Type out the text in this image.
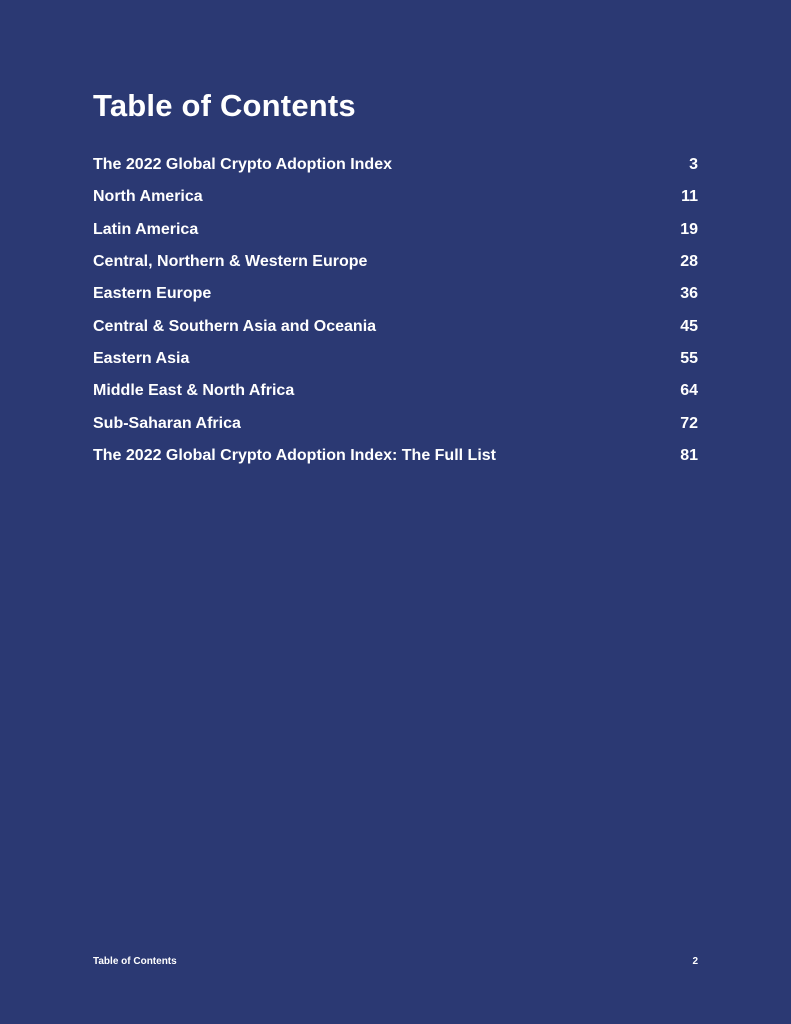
Table of Contents
The 2022 Global Crypto Adoption Index	3
North America	11
Latin America	19
Central, Northern & Western Europe	28
Eastern Europe	36
Central & Southern Asia and Oceania	45
Eastern Asia	55
Middle East & North Africa	64
Sub-Saharan Africa	72
The 2022 Global Crypto Adoption Index: The Full List	81
Table of Contents	2
